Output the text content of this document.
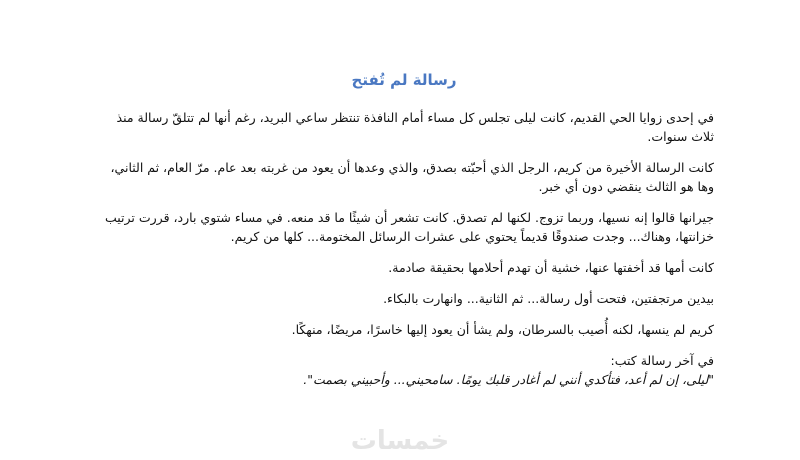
رسالة لم تُفتح

في إحدى زوايا الحي القديم، كانت ليلى تجلس كل مساء أمام النافذة تنتظر ساعي البريد، رغم أنها لم تتلقّ رسالة منذ ثلاث سنوات.

كانت الرسالة الأخيرة من كريم، الرجل الذي أحبّته بصدق، والذي وعدها أن يعود من غربته بعد عام. مرّ العام، ثم الثاني، وها هو الثالث ينقضي دون أي خبر.

جيرانها قالوا إنه نسيها، وربما تزوج. لكنها لم تصدق. كانت تشعر أن شيئًا ما قد منعه. في مساء شتوي بارد، قررت ترتيب خزانتها، وهناك... وجدت صندوقًا قديماً يحتوي على عشرات الرسائل المختومة... كلها من كريم.

كانت أمها قد أخفتها عنها، خشية أن تهدم أحلامها بحقيقة صادمة.

بيدين مرتجفتين، فتحت أول رسالة... ثم الثانية... وانهارت بالبكاء.

كريم لم ينسها، لكنه أُصيب بالسرطان، ولم يشأ أن يعود إليها خاسرًا، مريضًا، منهكًا.

في آخر رسالة كتب:

"ليلى، إن لم أعد، فتأكدي أنني لم أغادر قلبك يومًا. سامحيني... وأحبيني بصمت".

خمسات
